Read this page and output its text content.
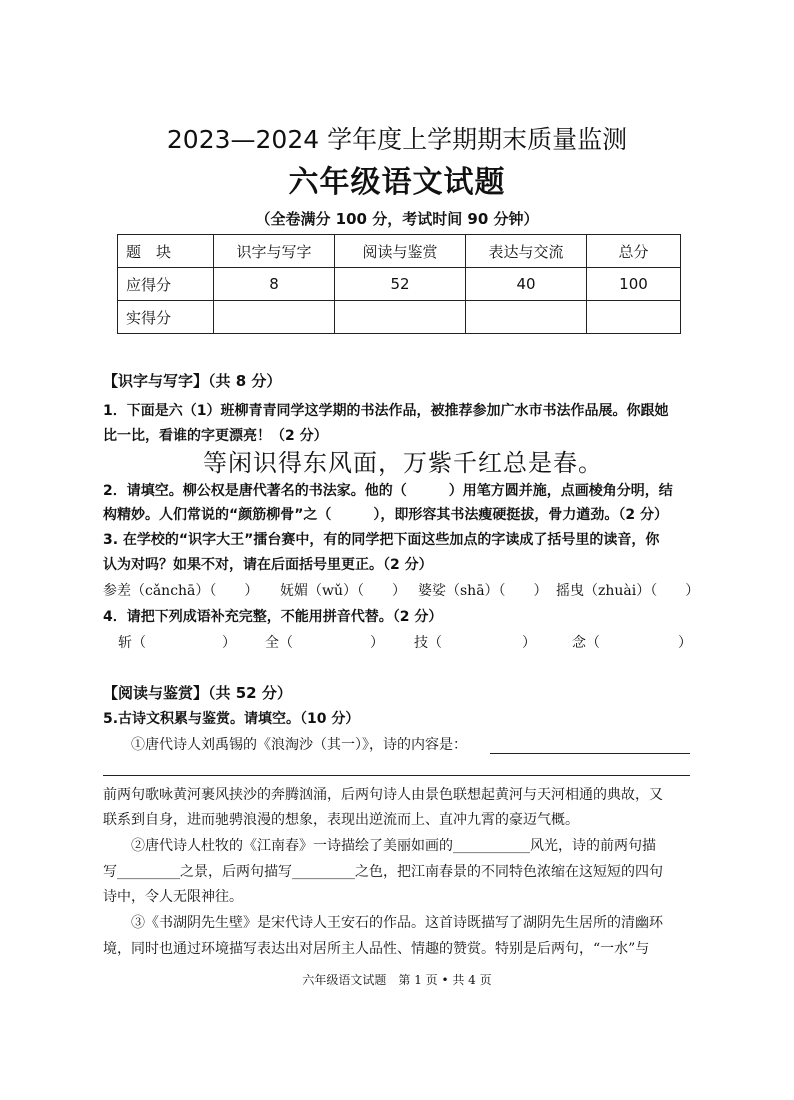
2023—2024 学年度上学期期末质量监测
六年级语文试题
（全卷满分 100 分，考试时间 90 分钟）
题　块	识字与写字	阅读与鉴赏	表达与交流	总分
应得分	8	52	40	100
实得分				
【识字与写字】（共 8 分）
1．下面是六（1）班柳青青同学这学期的书法作品，被推荐参加广水市书法作品展。你跟她
比一比，看谁的字更漂亮！（2 分）
等闲识得东风面，万紫千红总是春。
2．请填空。柳公权是唐代著名的书法家。他的（　　　）用笔方圆并施，点画棱角分明，结
构精妙。人们常说的“颜筋柳骨”之（　　　），即形容其书法瘦硬挺拔，骨力遒劲。（2 分）
3. 在学校的“识字大王”擂台赛中，有的同学把下面这些加点的字读成了括号里的读音，你
认为对吗？如果不对，请在后面括号里更正。（2 分）
参差（cǎnchā）（　　） 妩媚（wǔ）（　　） 婆娑（shā）（　　） 摇曳（zhuài）（　　）
4．请把下列成语补充完整，不能用拼音代替。（2 分）
斩（	） 全（	） 技（	）	念（	）
【阅读与鉴赏】（共 52 分）
5.古诗文积累与鉴赏。请填空。（10 分）
①唐代诗人刘禹锡的《浪淘沙（其一）》，诗的内容是：
前两句歌咏黄河裹风挟沙的奔腾汹涌，后两句诗人由景色联想起黄河与天河相通的典故，又
联系到自身，进而驰骋浪漫的想象，表现出逆流而上、直冲九霄的豪迈气概。
②唐代诗人杜牧的《江南春》一诗描绘了美丽如画的___________风光，诗的前两句描
写_________之景，后两句描写_________之色，把江南春景的不同特色浓缩在这短短的四句
诗中，令人无限神往。
③《书湖阴先生壁》是宋代诗人王安石的作品。这首诗既描写了湖阴先生居所的清幽环
境，同时也通过环境描写表达出对居所主人品性、情趣的赞赏。特别是后两句，“一水”与
六年级语文试题　第 1 页 • 共 4 页
